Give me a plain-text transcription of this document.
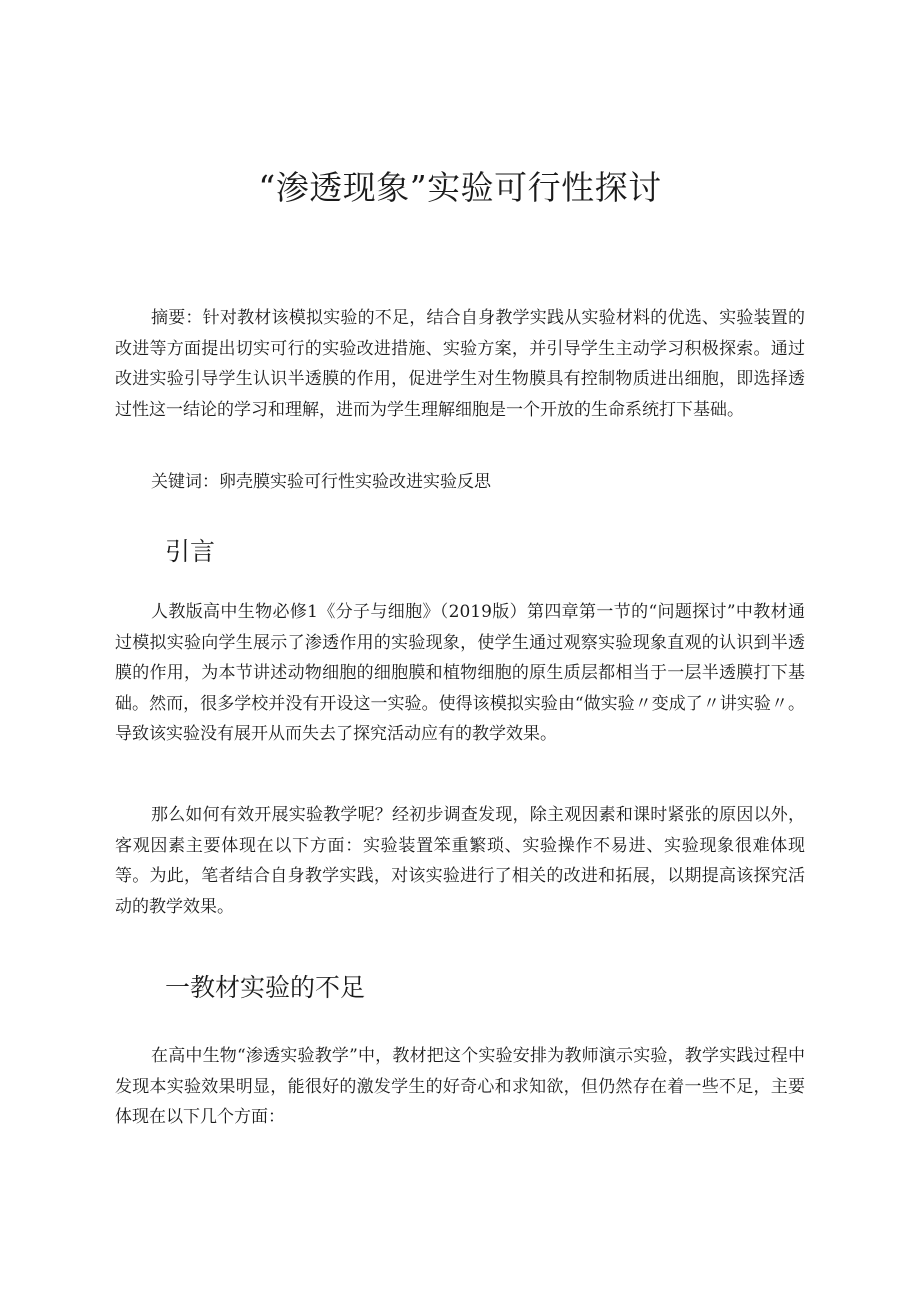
“渗透现象”实验可行性探讨

摘要：针对教材该模拟实验的不足，结合自身教学实践从实验材料的优选、实验装置的改进等方面提出切实可行的实验改进措施、实验方案，并引导学生主动学习积极探索。通过改进实验引导学生认识半透膜的作用，促进学生对生物膜具有控制物质进出细胞，即选择透过性这一结论的学习和理解，进而为学生理解细胞是一个开放的生命系统打下基础。

关键词：卵壳膜实验可行性实验改进实验反思

引言

人教版高中生物必修1《分子与细胞》（2019版）第四章第一节的“问题探讨”中教材通过模拟实验向学生展示了渗透作用的实验现象，使学生通过观察实验现象直观的认识到半透膜的作用，为本节讲述动物细胞的细胞膜和植物细胞的原生质层都相当于一层半透膜打下基础。然而，很多学校并没有开设这一实验。使得该模拟实验由“做实验〃变成了〃讲实验〃。导致该实验没有展开从而失去了探究活动应有的教学效果。

那么如何有效开展实验教学呢？经初步调查发现，除主观因素和课时紧张的原因以外，客观因素主要体现在以下方面：实验装置笨重繁琐、实验操作不易进、实验现象很难体现等。为此，笔者结合自身教学实践，对该实验进行了相关的改进和拓展，以期提高该探究活动的教学效果。

一教材实验的不足

在高中生物“渗透实验教学”中，教材把这个实验安排为教师演示实验，教学实践过程中发现本实验效果明显，能很好的激发学生的好奇心和求知欲，但仍然存在着一些不足，主要体现在以下几个方面：
